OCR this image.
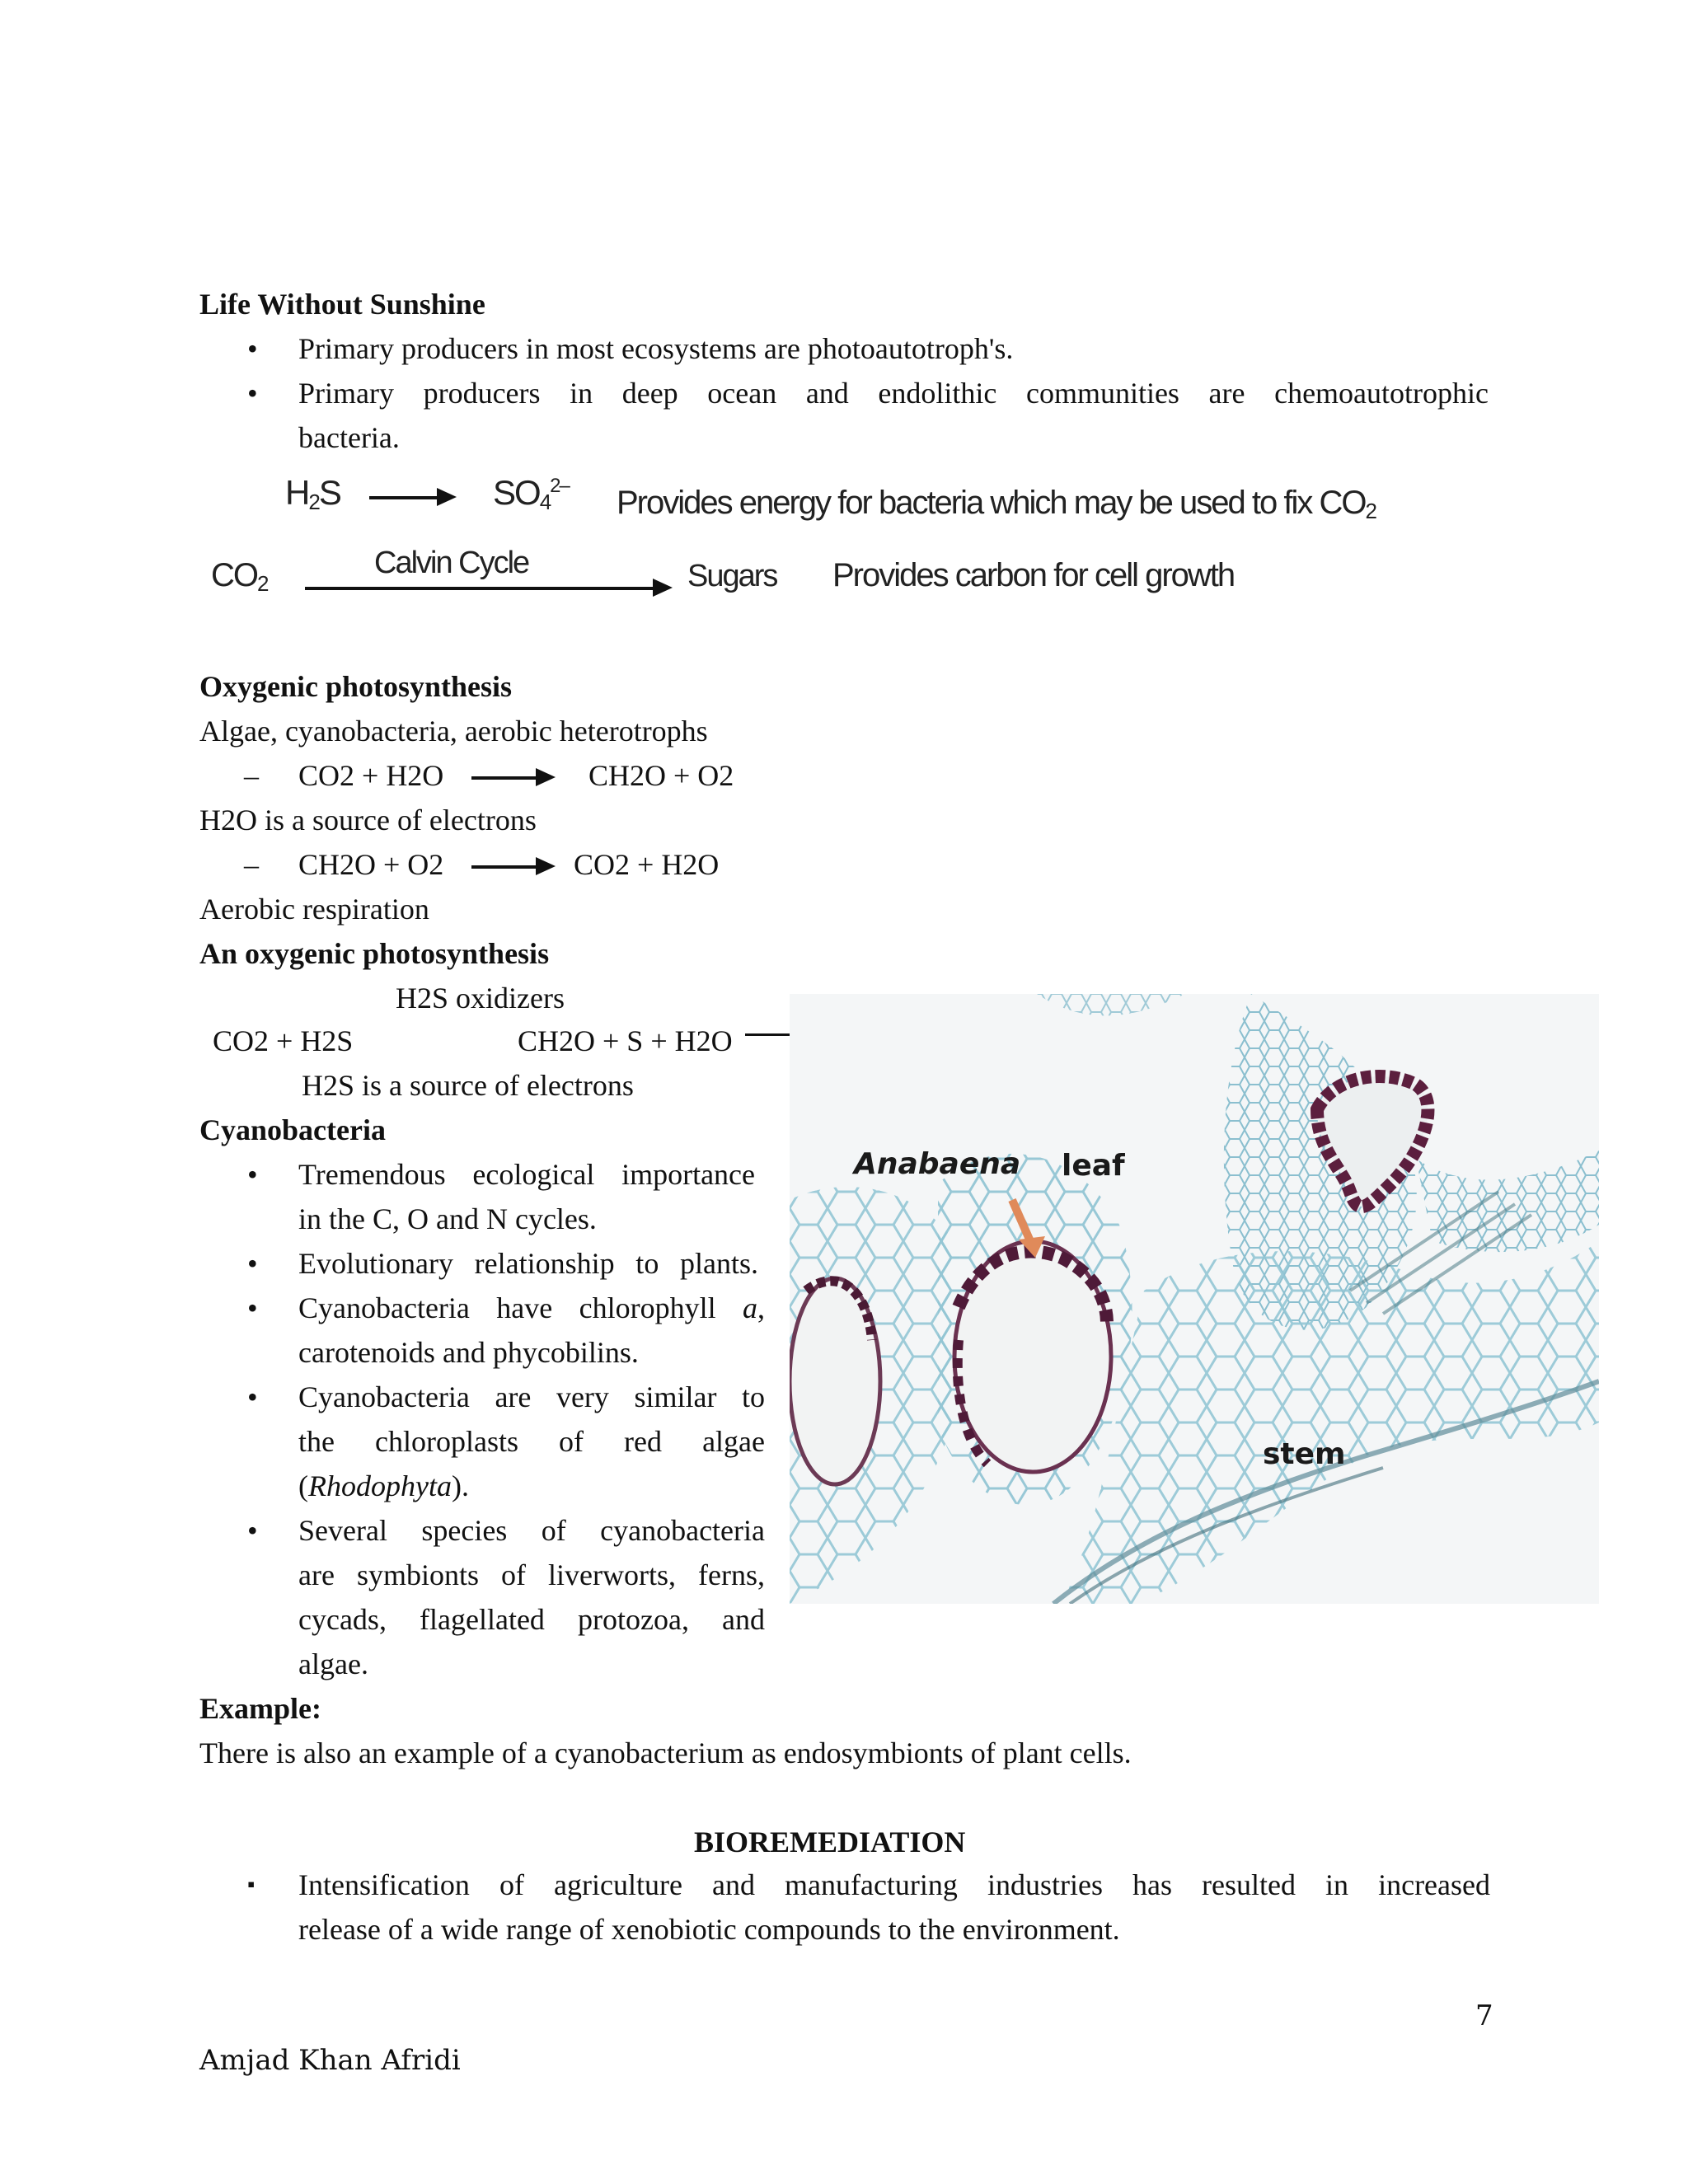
Life Without Sunshine
• Primary producers in most ecosystems are photoautotroph's.
• Primary producers in deep ocean and endolithic communities are chemoautotrophic
bacteria.
$H_2S$	$SO_4^{2-}$ Provides energy for bacteria which may be used to fix $CO_2$
$CO_2$
Calvin Cycle	Sugars Provides carbon for cell growth
Oxygenic photosynthesis
Algae, cyanobacteria, aerobic heterotrophs
– CO2 + H2O	CH2O + O2
H2O is a source of electrons
– CH2O + O2	CO2 + H2O
Aerobic respiration
An oxygenic photosynthesis
H2S oxidizers
CO2 + H2S	CH2O + S + H2O
H2S is a source of electrons
Cyanobacteria
• Tremendous ecological importance
in the C, O and N cycles.
• Evolutionary relationship to plants.
• Cyanobacteria have chlorophyll a,
carotenoids and phycobilins.
• Cyanobacteria are very similar to
the chloroplasts of red algae
(Rhodophyta).
• Several species of cyanobacteria
are symbionts of liverworts, ferns,
cycads, flagellated protozoa, and
algae.
Anabaena leaf
stem
Example:
There is also an example of a cyanobacterium as endosymbionts of plant cells.
BIOREMEDIATION
▪ Intensification of agriculture and manufacturing industries has resulted in increased
release of a wide range of xenobiotic compounds to the environment.
7
Amjad Khan Afridi
